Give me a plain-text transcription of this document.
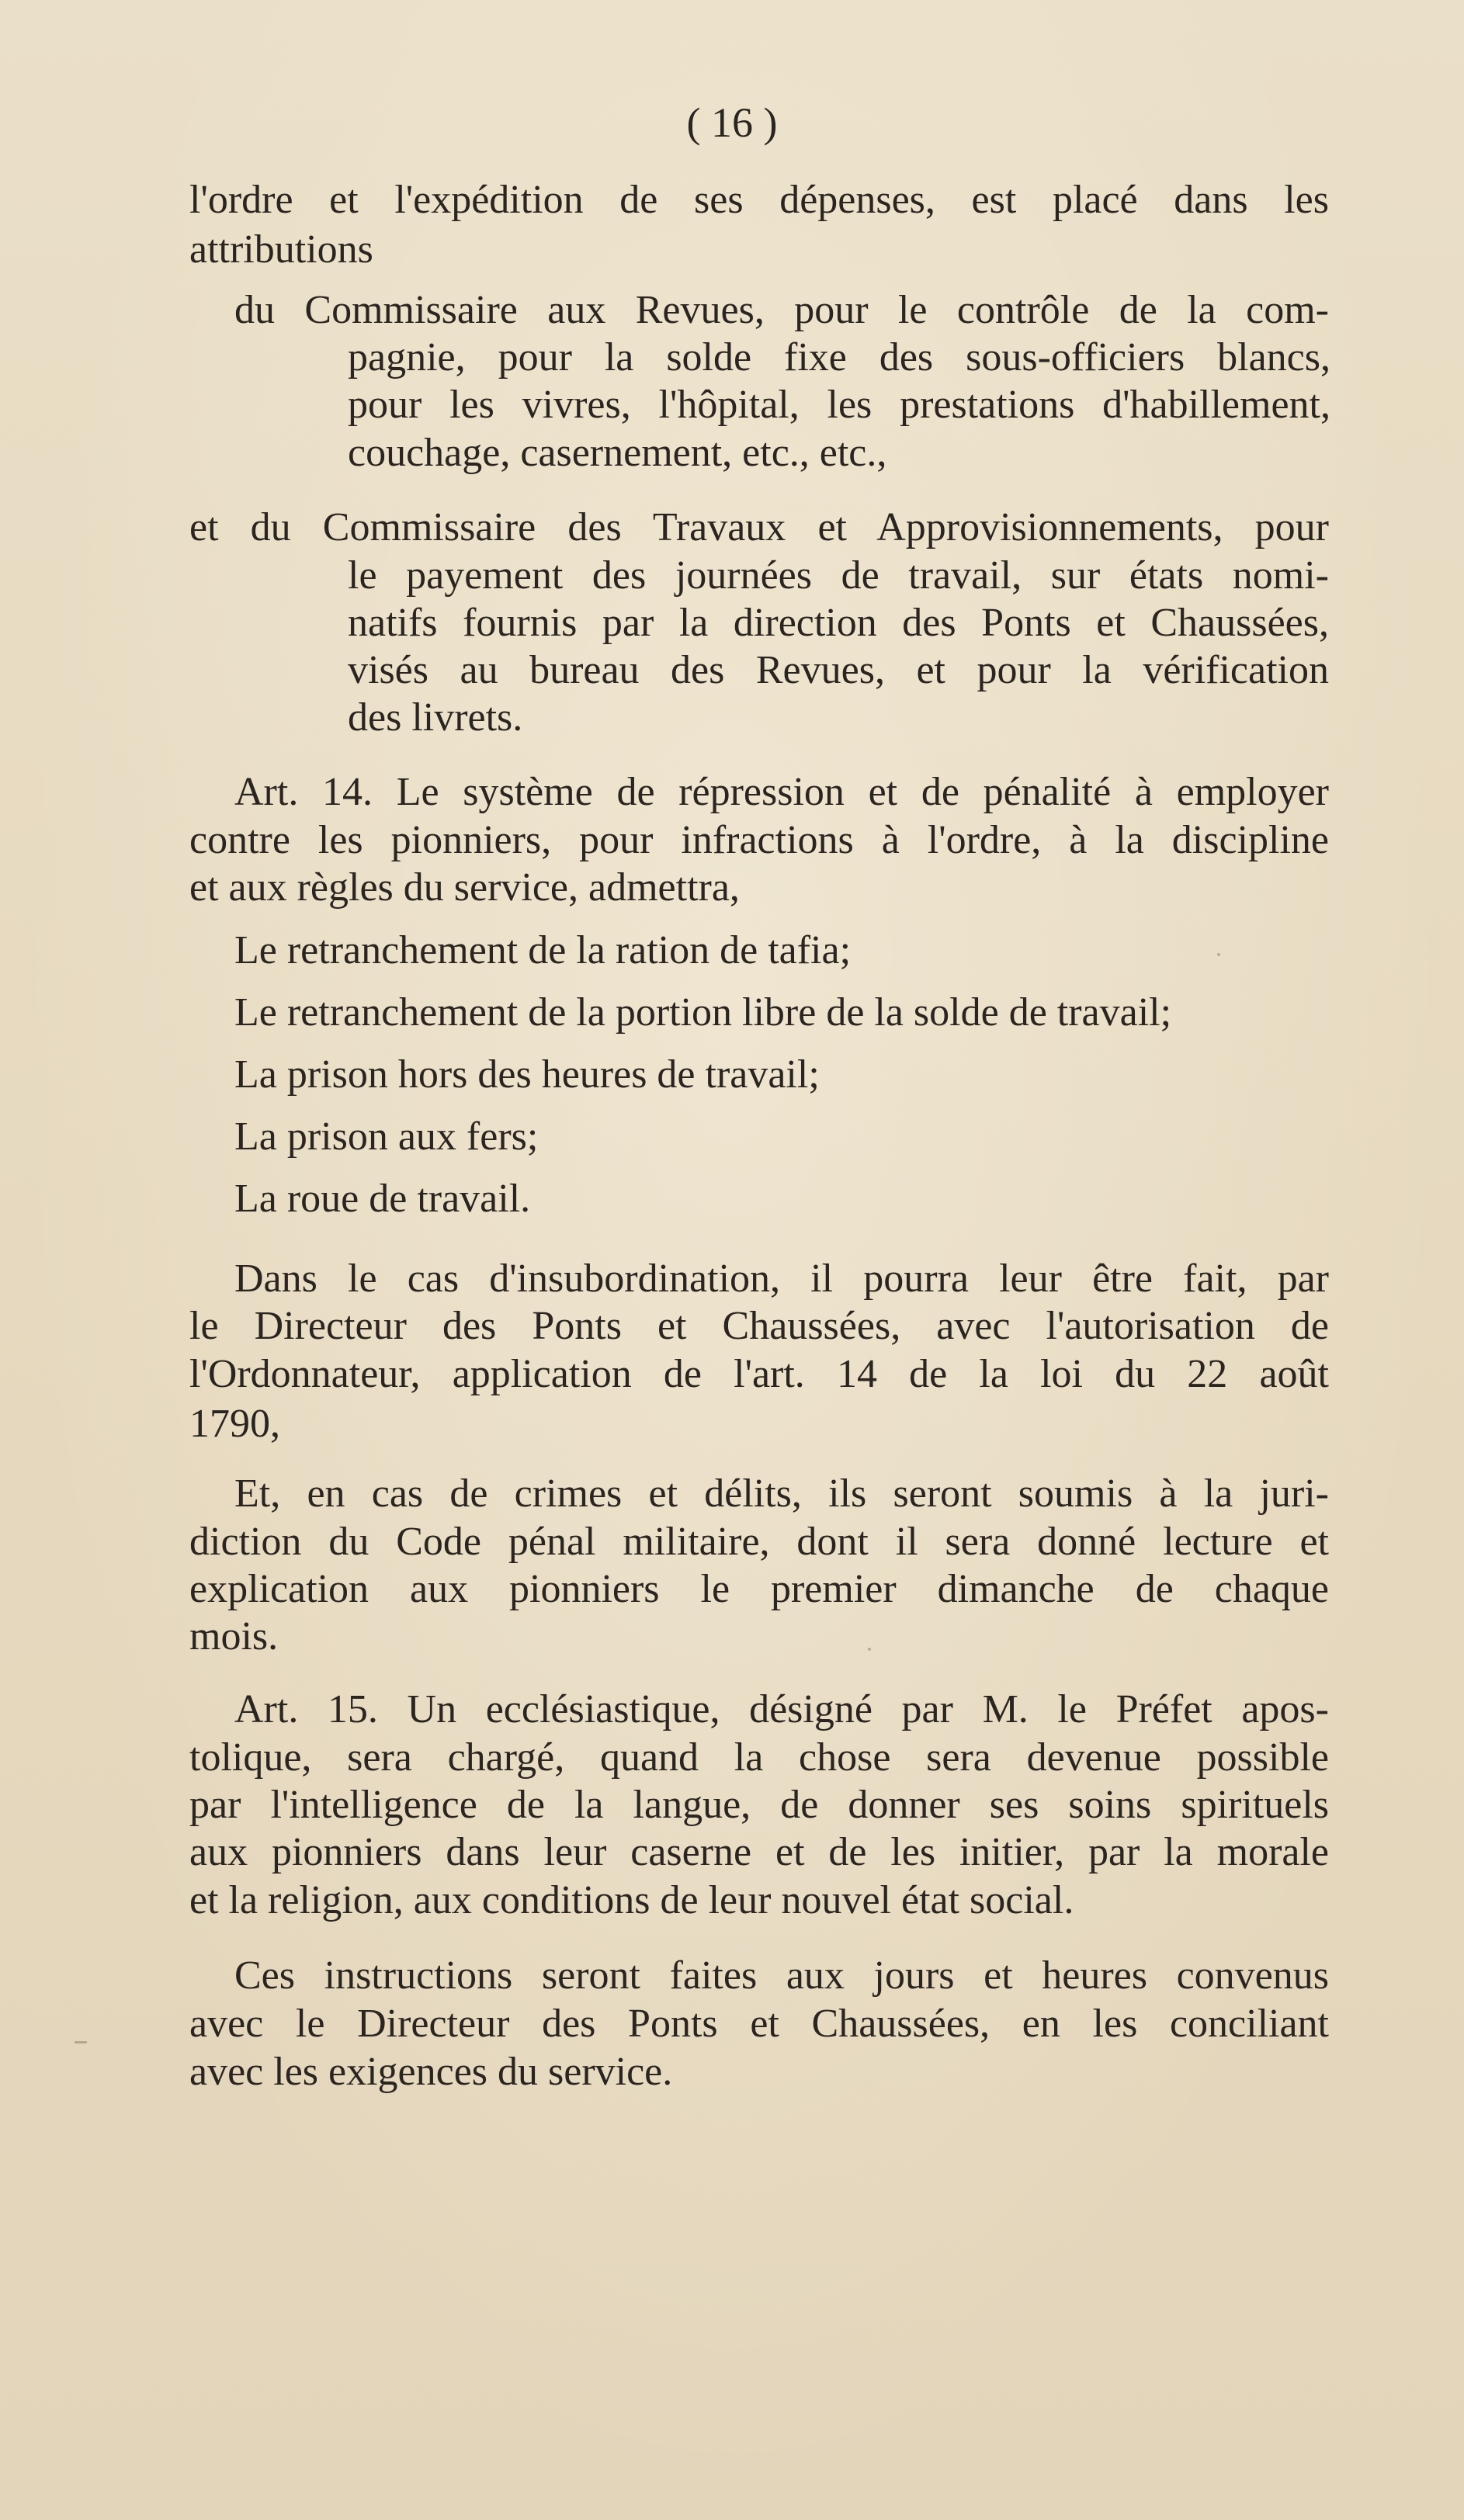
( 16 )
l'ordre et l'expédition de ses dépenses, est placé dans les
attributions
du Commissaire aux Revues, pour le contrôle de la com-
pagnie, pour la solde fixe des sous-officiers blancs,
pour les vivres, l'hôpital, les prestations d'habillement,
couchage, casernement, etc., etc.,
et du Commissaire des Travaux et Approvisionnements, pour
le payement des journées de travail, sur états nomi-
natifs fournis par la direction des Ponts et Chaussées,
visés au bureau des Revues, et pour la vérification
des livrets.
Art. 14. Le système de répression et de pénalité à employer
contre les pionniers, pour infractions à l'ordre, à la discipline
et aux règles du service, admettra,
Le retranchement de la ration de tafia;
Le retranchement de la portion libre de la solde de travail;
La prison hors des heures de travail;
La prison aux fers;
La roue de travail.
Dans le cas d'insubordination, il pourra leur être fait, par
le Directeur des Ponts et Chaussées, avec l'autorisation de
l'Ordonnateur, application de l'art. 14 de la loi du 22 août
1790,
Et, en cas de crimes et délits, ils seront soumis à la juri-
diction du Code pénal militaire, dont il sera donné lecture et
explication aux pionniers le premier dimanche de chaque
mois.
Art. 15. Un ecclésiastique, désigné par M. le Préfet apos-
tolique, sera chargé, quand la chose sera devenue possible
par l'intelligence de la langue, de donner ses soins spirituels
aux pionniers dans leur caserne et de les initier, par la morale
et la religion, aux conditions de leur nouvel état social.
Ces instructions seront faites aux jours et heures convenus
avec le Directeur des Ponts et Chaussées, en les conciliant
avec les exigences du service.
